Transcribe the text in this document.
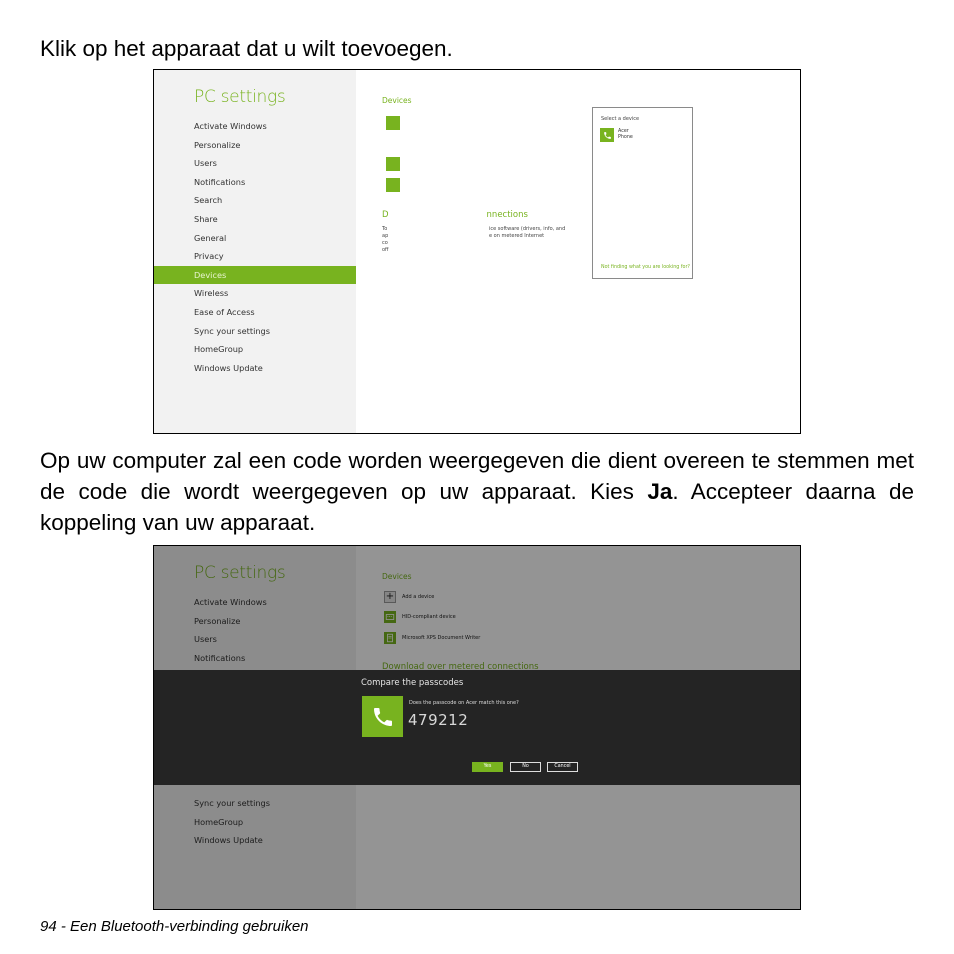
Klik op het apparaat dat u wilt toevoegen.

PC settings
Activate Windows
Personalize
Users
Notifications
Search
Share
General
Privacy
Devices
Wireless
Ease of Access
Sync your settings
HomeGroup
Windows Update
Devices
D	nnections
To ap co off
ice software (drivers, info, and e on metered Internet
Select a device
Acer
Phone
Not finding what you are looking for?

Op uw computer zal een code worden weergegeven die dient overeen te stemmen met de code die wordt weergegeven op uw apparaat. Kies Ja. Accepteer daarna de koppeling van uw apparaat.

PC settings
Activate Windows
Personalize
Users
Notifications
Sync your settings
HomeGroup
Windows Update
Devices
+	Add a device
HID-compliant device
Microsoft XPS Document Writer
Download over metered connections
Compare the passcodes
Does the passcode on Acer match this one?
479212
Yes	No	Cancel
94 - Een Bluetooth-verbinding gebruiken
